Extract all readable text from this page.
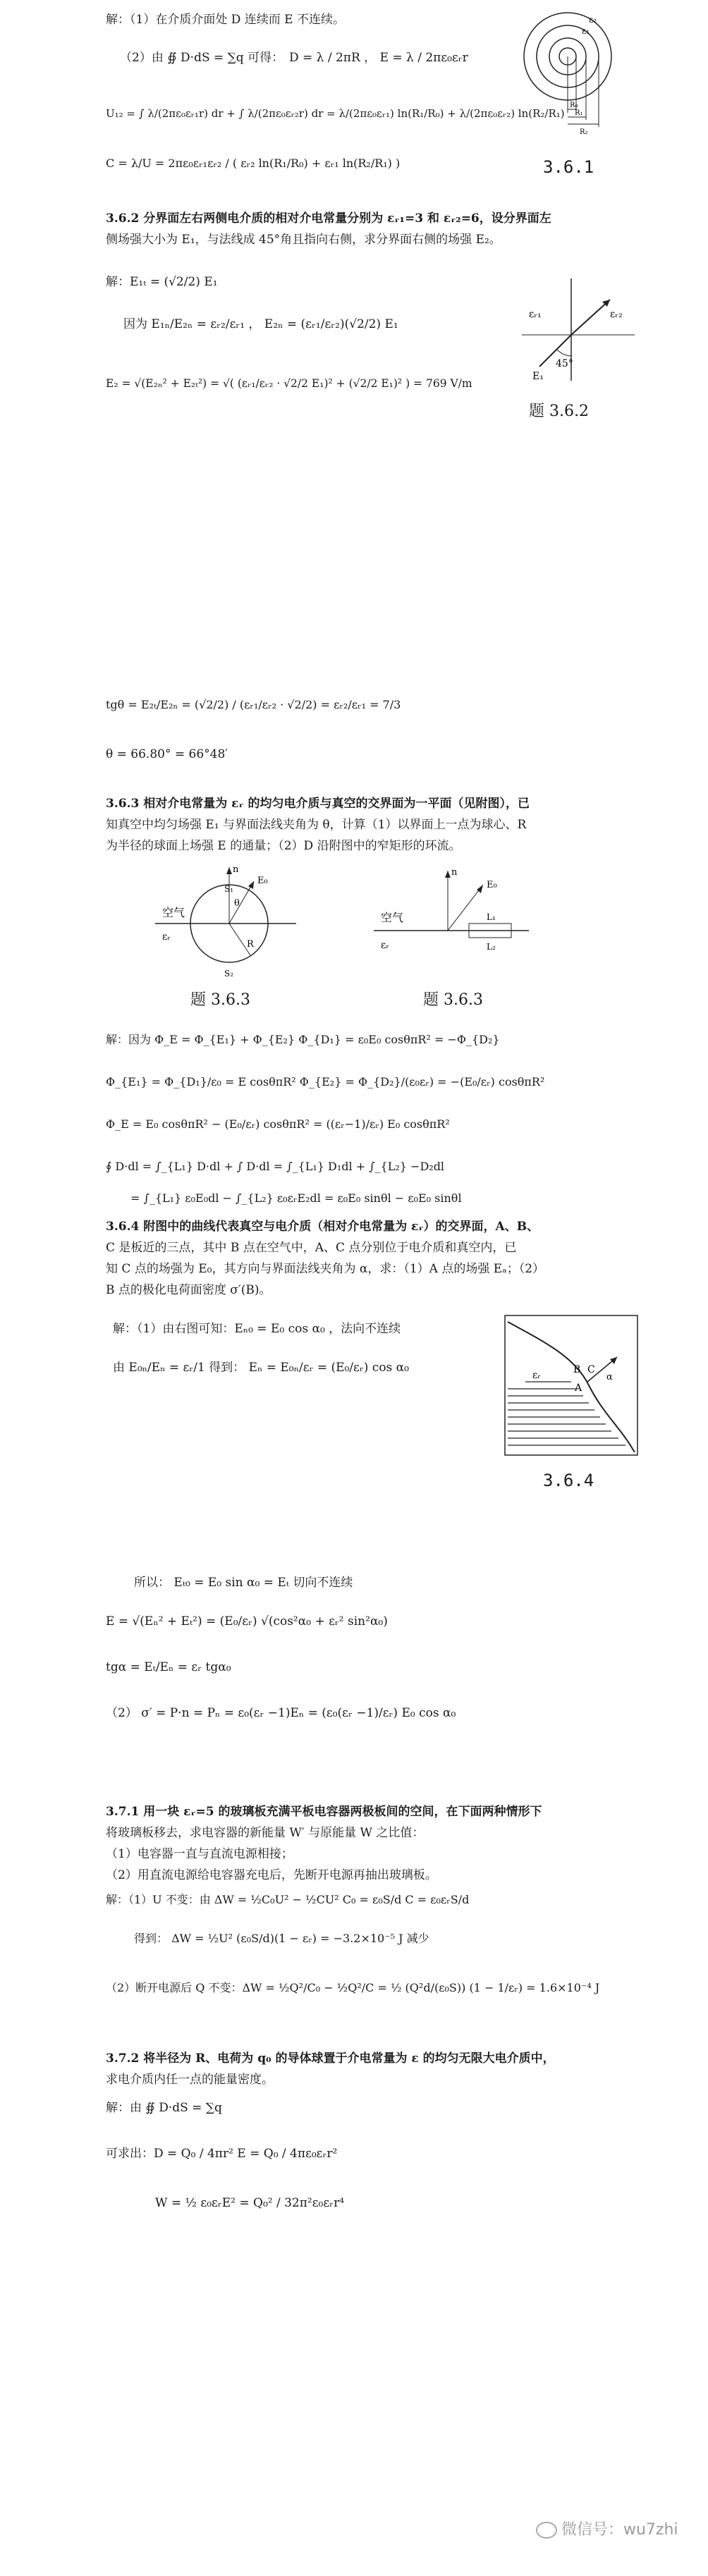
解：（1）在介质介面处 D 连续而 E 不连续。
（2）由 ∯ D·dS = ∑q 可得： D = λ / 2πR ， E = λ / 2πε₀εᵣr
U₁₂ = ∫ λ/(2πε₀εᵣ₁r) dr + ∫ λ/(2πε₀εᵣ₂r) dr = λ/(2πε₀εᵣ₁) ln(R₁/R₀) + λ/(2πε₀εᵣ₂) ln(R₂/R₁)
C = λ/U = 2πε₀εᵣ₁εᵣ₂ / ( εᵣ₂ ln(R₁/R₀) + εᵣ₁ ln(R₂/R₁) )
ε₁
ε₂
R₀
R₁
R₂
3.6.1
3.6.2 分界面左右两侧电介质的相对介电常量分别为 εᵣ₁=3 和 εᵣ₂=6，设分界面左
侧场强大小为 E₁，与法线成 45°角且指向右侧，求分界面右侧的场强 E₂。
解：E₁ₜ = (√2/2) E₁
因为 E₁ₙ/E₂ₙ = εᵣ₂/εᵣ₁ ， E₂ₙ = (εᵣ₁/εᵣ₂)(√2/2) E₁
E₂ = √(E₂ₙ² + E₂ₜ²) = √( (εᵣ₁/εᵣ₂ · √2/2 E₁)² + (√2/2 E₁)² ) = 769 V/m
εᵣ₁	εᵣ₂
E₁
45°
题 3.6.2
tgθ = E₂ₜ/E₂ₙ = (√2/2) / (εᵣ₁/εᵣ₂ · √2/2) = εᵣ₂/εᵣ₁ = 7/3
θ = 66.80° = 66°48′
3.6.3 相对介电常量为 εᵣ 的均匀电介质与真空的交界面为一平面（见附图），已
知真空中均匀场强 E₁ 与界面法线夹角为 θ，计算（1）以界面上一点为球心、R
为半径的球面上场强 E 的通量；（2）D 沿附图中的窄矩形的环流。
空气
εᵣ
n
E₀
θ
R
S₁
S₂
题 3.6.3
空气
εᵣ
n
E₀
L₁
L₂
题 3.6.3
解：因为 Φ_E = Φ_{E₁} + Φ_{E₂} Φ_{D₁} = ε₀E₀ cosθπR² = −Φ_{D₂}
Φ_{E₁} = Φ_{D₁}/ε₀ = E cosθπR² Φ_{E₂} = Φ_{D₂}/(ε₀εᵣ) = −(E₀/εᵣ) cosθπR²
Φ_E = E₀ cosθπR² − (E₀/εᵣ) cosθπR² = ((εᵣ−1)/εᵣ) E₀ cosθπR²
∮ D·dl = ∫_{L₁} D·dl + ∫ D·dl = ∫_{L₁} D₁dl + ∫_{L₂} −D₂dl
= ∫_{L₁} ε₀E₀dl − ∫_{L₂} ε₀εᵣE₂dl = ε₀E₀ sinθl − ε₀E₀ sinθl
3.6.4 附图中的曲线代表真空与电介质（相对介电常量为 εᵣ）的交界面，A、B、
C 是板近的三点，其中 B 点在空气中，A、C 点分别位于电介质和真空内，已
知 C 点的场强为 E₀，其方向与界面法线夹角为 α，求：（1）A 点的场强 Eₐ；（2）
B 点的极化电荷面密度 σ′(B)。
解：（1）由右图可知：Eₙ₀ = E₀ cos α₀ ，法向不连续
由 E₀ₙ/Eₙ = εᵣ/1 得到： Eₙ = E₀ₙ/εᵣ = (E₀/εᵣ) cos α₀	B C
A
εᵣ	α
3.6.4
所以： Eₜ₀ = E₀ sin α₀ = Eₜ 切向不连续
E = √(Eₙ² + Eₜ²) = (E₀/εᵣ) √(cos²α₀ + εᵣ² sin²α₀)
tgα = Eₜ/Eₙ = εᵣ tgα₀
（2） σ′ = P·n = Pₙ = ε₀(εᵣ −1)Eₙ = (ε₀(εᵣ −1)/εᵣ) E₀ cos α₀
3.7.1 用一块 εᵣ=5 的玻璃板充满平板电容器两极板间的空间，在下面两种情形下
将玻璃板移去，求电容器的新能量 W′ 与原能量 W 之比值：
（1）电容器一直与直流电源相接；
（2）用直流电源给电容器充电后，先断开电源再抽出玻璃板。
解：（1）U 不变：由 ΔW = ½C₀U² − ½CU² C₀ = ε₀S/d C = ε₀εᵣS/d
得到： ΔW = ½U² (ε₀S/d)(1 − εᵣ) = −3.2×10⁻⁵ J 减少
（2）断开电源后 Q 不变：ΔW = ½Q²/C₀ − ½Q²/C = ½ (Q²d/(ε₀S)) (1 − 1/εᵣ) = 1.6×10⁻⁴ J
3.7.2 将半径为 R、电荷为 q₀ 的导体球置于介电常量为 ε 的均匀无限大电介质中，
求电介质内任一点的能量密度。
解：由 ∯ D·dS = ∑q
可求出：D = Q₀ / 4πr² E = Q₀ / 4πε₀εᵣr²
W = ½ ε₀εᵣE² = Q₀² / 32π²ε₀εᵣr⁴
微信号：wu7zhi
